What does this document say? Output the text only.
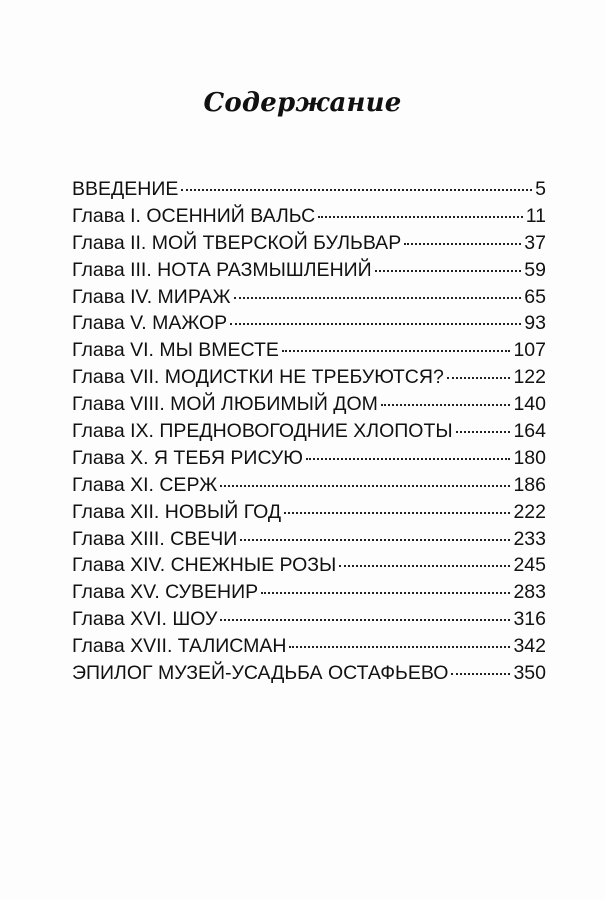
Содержание
ВВЕДЕНИЕ	5
Глава I. ОСЕННИЙ ВАЛЬС	11
Глава II. МОЙ ТВЕРСКОЙ БУЛЬВАР	37
Глава III. НОТА РАЗМЫШЛЕНИЙ	59
Глава IV. МИРАЖ	65
Глава V. МАЖОР	93
Глава VI. МЫ ВМЕСТЕ	107
Глава VII. МОДИСТКИ НЕ ТРЕБУЮТСЯ?	122
Глава VIII. МОЙ ЛЮБИМЫЙ ДОМ	140
Глава IX. ПРЕДНОВОГОДНИЕ ХЛОПОТЫ	164
Глава X. Я ТЕБЯ РИСУЮ	180
Глава XI. СЕРЖ	186
Глава XII. НОВЫЙ ГОД	222
Глава XIII. СВЕЧИ	233
Глава XIV. СНЕЖНЫЕ РОЗЫ	245
Глава XV. СУВЕНИР	283
Глава XVI. ШОУ	316
Глава XVII. ТАЛИСМАН	342
ЭПИЛОГ МУЗЕЙ-УСАДЬБА ОСТАФЬЕВО	350
